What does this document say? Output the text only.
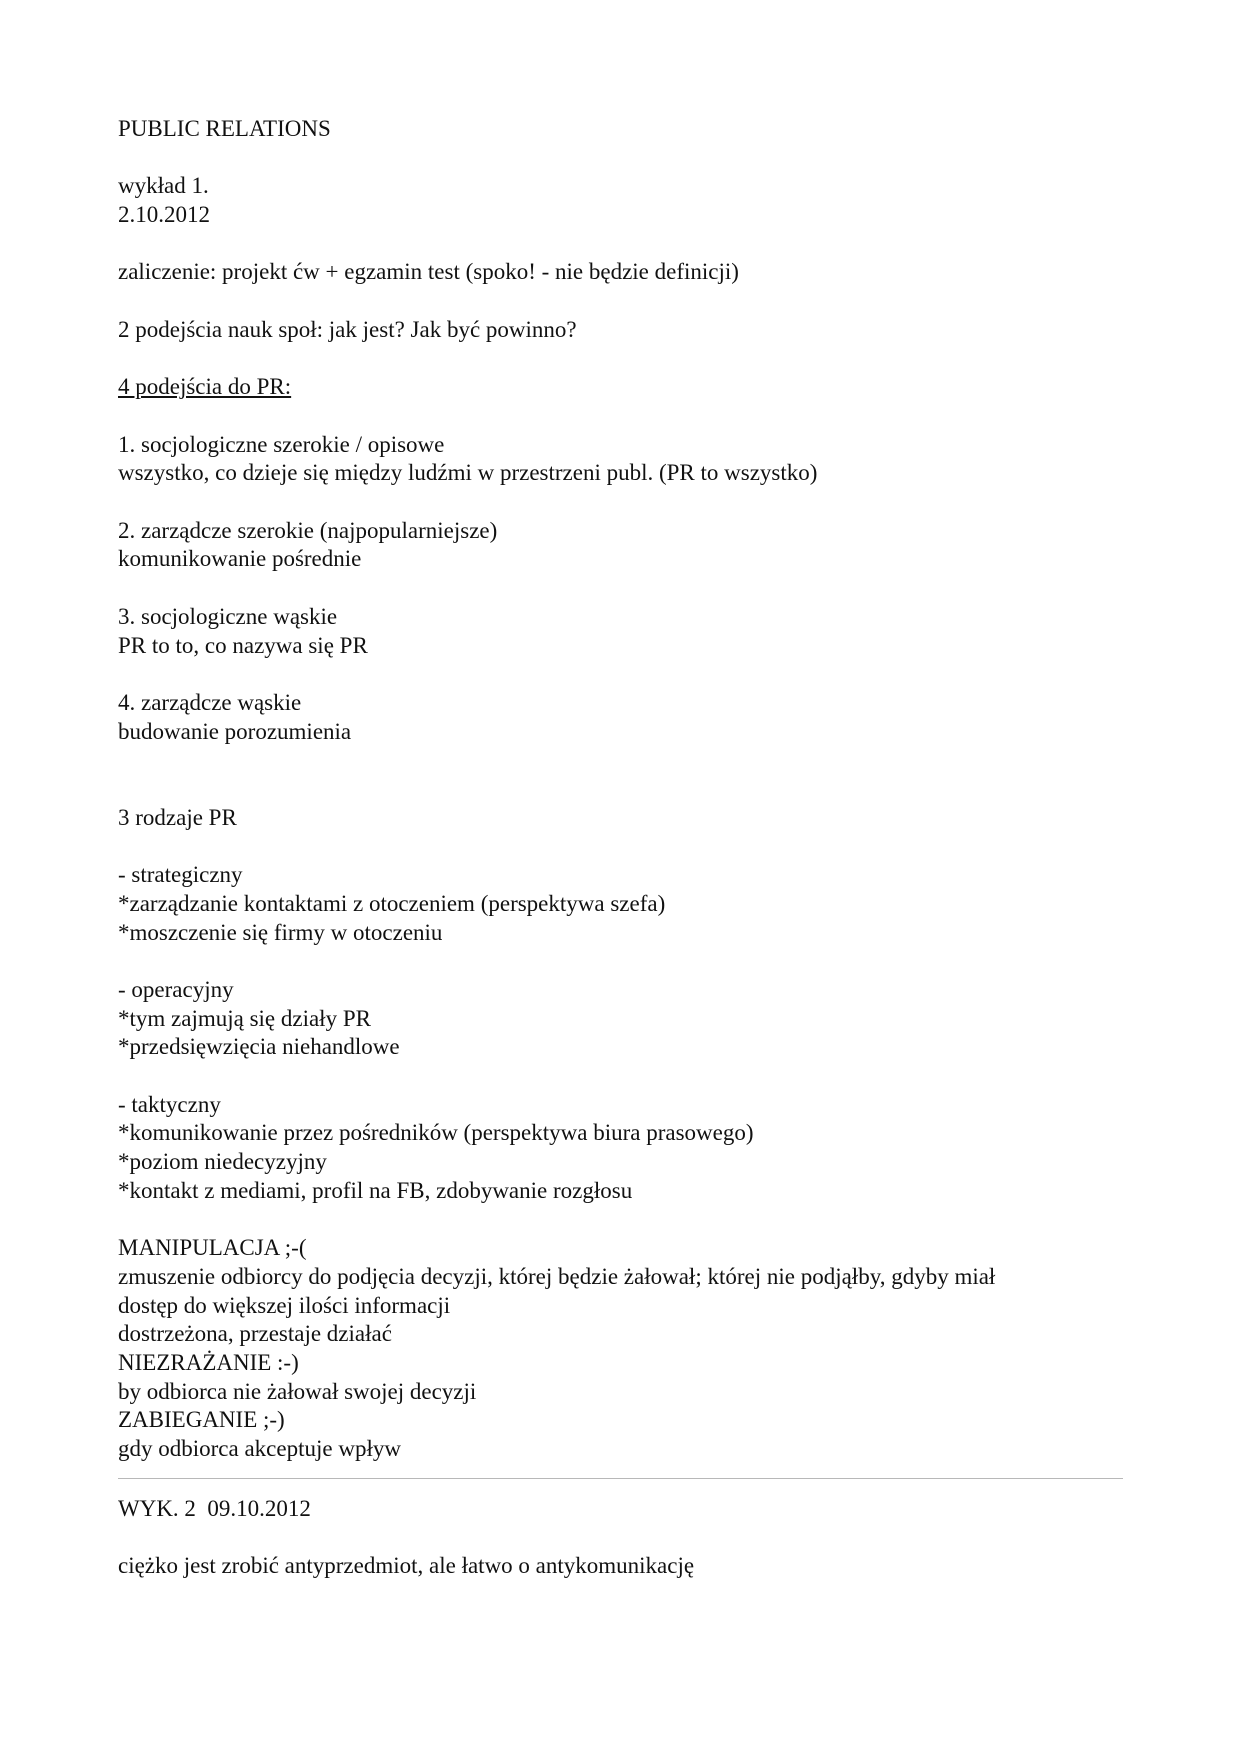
PUBLIC RELATIONS
wykład 1.
2.10.2012
zaliczenie: projekt ćw + egzamin test (spoko! - nie będzie definicji)
2 podejścia nauk społ: jak jest? Jak być powinno?
4 podejścia do PR:
1. socjologiczne szerokie / opisowe
wszystko, co dzieje się między ludźmi w przestrzeni publ. (PR to wszystko)
2. zarządcze szerokie (najpopularniejsze)
komunikowanie pośrednie
3. socjologiczne wąskie
PR to to, co nazywa się PR
4. zarządcze wąskie
budowanie porozumienia
3 rodzaje PR
- strategiczny
*zarządzanie kontaktami z otoczeniem (perspektywa szefa)
*moszczenie się firmy w otoczeniu
- operacyjny
*tym zajmują się działy PR
*przedsięwzięcia niehandlowe
- taktyczny
*komunikowanie przez pośredników (perspektywa biura prasowego)
*poziom niedecyzyjny
*kontakt z mediami, profil na FB, zdobywanie rozgłosu
MANIPULACJA ;-(
zmuszenie odbiorcy do podjęcia decyzji, której będzie żałował; której nie podjąłby, gdyby miał
dostęp do większej ilości informacji
dostrzeżona, przestaje działać
NIEZRAŻANIE :-)
by odbiorca nie żałował swojej decyzji
ZABIEGANIE ;-)
gdy odbiorca akceptuje wpływ
WYK. 2  09.10.2012
ciężko jest zrobić antyprzedmiot, ale łatwo o antykomunikację
